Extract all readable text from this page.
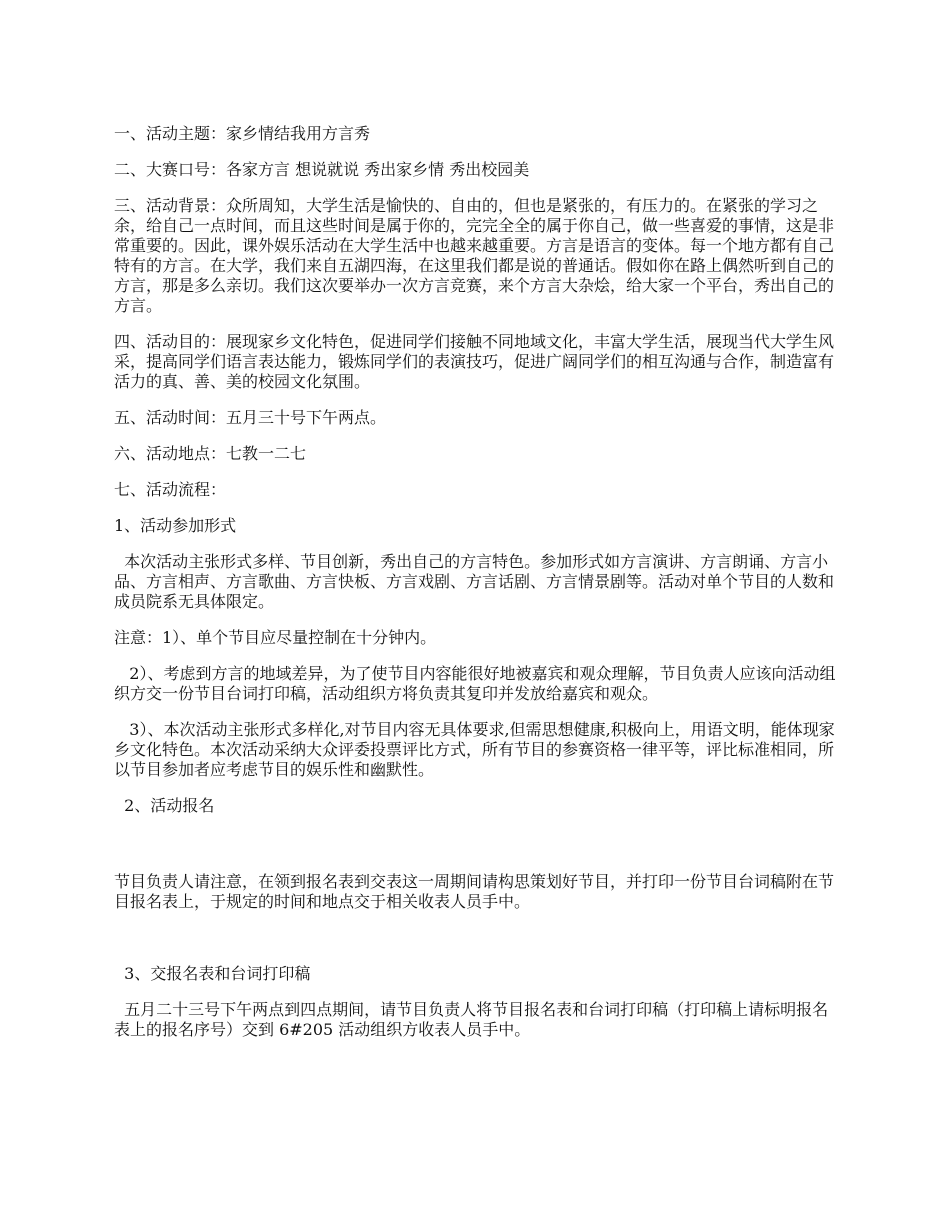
一、活动主题：家乡情结我用方言秀

二、大赛口号：各家方言 想说就说 秀出家乡情 秀出校园美

三、活动背景：众所周知，大学生活是愉快的、自由的，但也是紧张的，有压力的。在紧张的学习之余，给自己一点时间，而且这些时间是属于你的，完完全全的属于你自己，做一些喜爱的事情，这是非常重要的。因此，课外娱乐活动在大学生活中也越来越重要。方言是语言的变体。每一个地方都有自己特有的方言。在大学，我们来自五湖四海，在这里我们都是说的普通话。假如你在路上偶然听到自己的方言，那是多么亲切。我们这次要举办一次方言竞赛，来个方言大杂烩，给大家一个平台，秀出自己的方言。

四、活动目的：展现家乡文化特色，促进同学们接触不同地域文化，丰富大学生活，展现当代大学生风采，提高同学们语言表达能力，锻炼同学们的表演技巧，促进广阔同学们的相互沟通与合作，制造富有活力的真、善、美的校园文化氛围。

五、活动时间：五月三十号下午两点。

六、活动地点：七教一二七

七、活动流程：

1、活动参加形式

本次活动主张形式多样、节目创新，秀出自己的方言特色。参加形式如方言演讲、方言朗诵、方言小品、方言相声、方言歌曲、方言快板、方言戏剧、方言话剧、方言情景剧等。活动对单个节目的人数和成员院系无具体限定。

注意：1）、单个节目应尽量控制在十分钟内。

2）、考虑到方言的地域差异，为了使节目内容能很好地被嘉宾和观众理解，节目负责人应该向活动组织方交一份节目台词打印稿，活动组织方将负责其复印并发放给嘉宾和观众。

3）、本次活动主张形式多样化,对节目内容无具体要求,但需思想健康,积极向上，用语文明，能体现家乡文化特色。本次活动采纳大众评委投票评比方式，所有节目的参赛资格一律平等，评比标准相同，所以节目参加者应考虑节目的娱乐性和幽默性。

2、活动报名

节目负责人请注意，在领到报名表到交表这一周期间请构思策划好节目，并打印一份节目台词稿附在节目报名表上，于规定的时间和地点交于相关收表人员手中。

3、交报名表和台词打印稿

五月二十三号下午两点到四点期间，请节目负责人将节目报名表和台词打印稿（打印稿上请标明报名表上的报名序号）交到 6#205 活动组织方收表人员手中。
